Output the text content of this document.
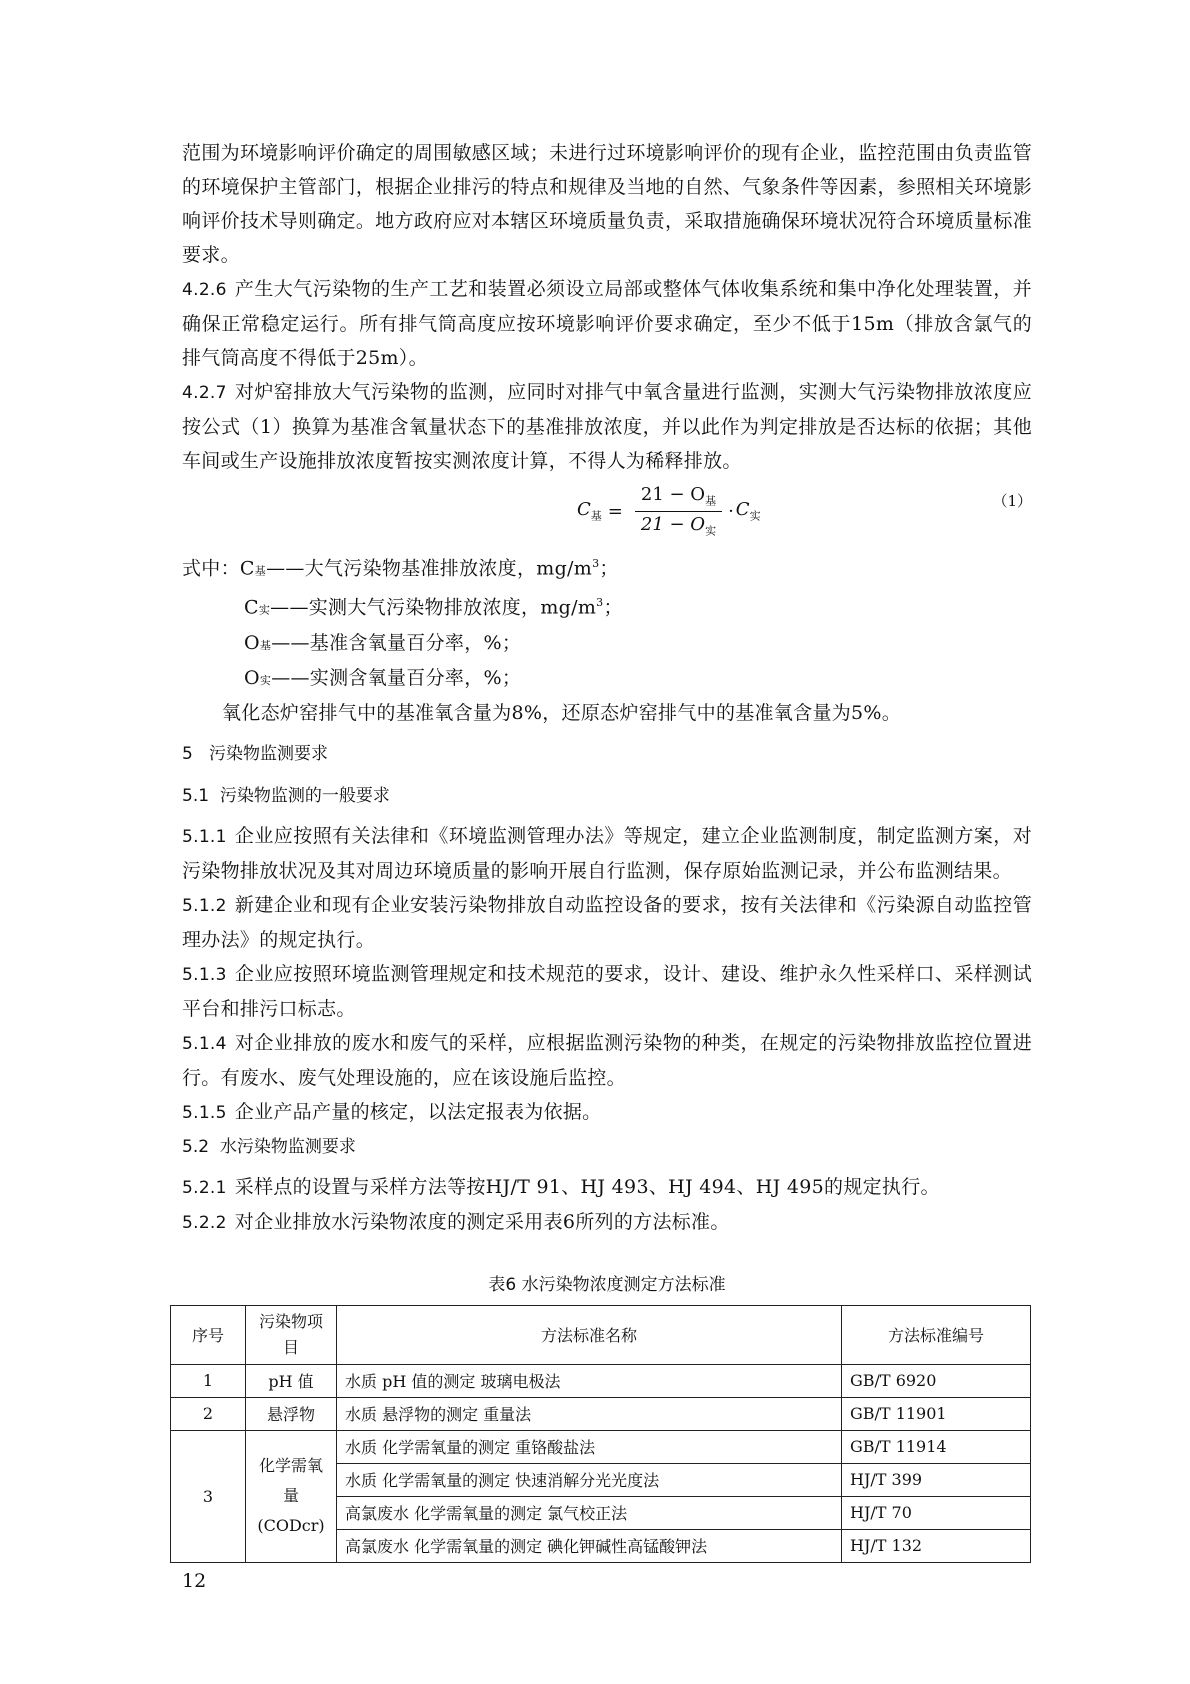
范围为环境影响评价确定的周围敏感区域；未进行过环境影响评价的现有企业，监控范围由负责监管的环境保护主管部门，根据企业排污的特点和规律及当地的自然、气象条件等因素，参照相关环境影响评价技术导则确定。地方政府应对本辖区环境质量负责，采取措施确保环境状况符合环境质量标准要求。

4.2.6 产生大气污染物的生产工艺和装置必须设立局部或整体气体收集系统和集中净化处理装置，并确保正常稳定运行。所有排气筒高度应按环境影响评价要求确定，至少不低于15m（排放含氯气的排气筒高度不得低于25m）。

4.2.7 对炉窑排放大气污染物的监测，应同时对排气中氧含量进行监测，实测大气污染物排放浓度应按公式（1）换算为基准含氧量状态下的基准排放浓度，并以此作为判定排放是否达标的依据；其他车间或生产设施排放浓度暂按实测浓度计算，不得人为稀释排放。

$C_基 = \frac{21 - O_基}{21 - O_实} \cdot C_实$
（1）

式中：C基——大气污染物基准排放浓度，$mg/m^3$；

C实——实测大气污染物排放浓度，$mg/m^3$；

O基——基准含氧量百分率，%；

O实——实测含氧量百分率，%；

氧化态炉窑排气中的基准氧含量为8%，还原态炉窑排气中的基准氧含量为5%。

5 污染物监测要求

5.1 污染物监测的一般要求

5.1.1 企业应按照有关法律和《环境监测管理办法》等规定，建立企业监测制度，制定监测方案，对污染物排放状况及其对周边环境质量的影响开展自行监测，保存原始监测记录，并公布监测结果。

5.1.2 新建企业和现有企业安装污染物排放自动监控设备的要求，按有关法律和《污染源自动监控管理办法》的规定执行。

5.1.3 企业应按照环境监测管理规定和技术规范的要求，设计、建设、维护永久性采样口、采样测试平台和排污口标志。

5.1.4 对企业排放的废水和废气的采样，应根据监测污染物的种类，在规定的污染物排放监控位置进行。有废水、废气处理设施的，应在该设施后监控。

5.1.5 企业产品产量的核定，以法定报表为依据。

5.2 水污染物监测要求

5.2.1 采样点的设置与采样方法等按HJ/T 91、HJ 493、HJ 494、HJ 495的规定执行。

5.2.2 对企业排放水污染物浓度的测定采用表6所列的方法标准。

表6 水污染物浓度测定方法标准
序号	污染物项目	方法标准名称	方法标准编号
1	pH 值	水质 pH 值的测定 玻璃电极法	GB/T 6920
2	悬浮物	水质 悬浮物的测定 重量法	GB/T 11901
3	化学需氧量(CODcr)	水质 化学需氧量的测定 重铬酸盐法	GB/T 11914
		水质 化学需氧量的测定 快速消解分光光度法	HJ/T 399
		高氯废水 化学需氧量的测定 氯气校正法	HJ/T 70
		高氯废水 化学需氧量的测定 碘化钾碱性高锰酸钾法	HJ/T 132
12
